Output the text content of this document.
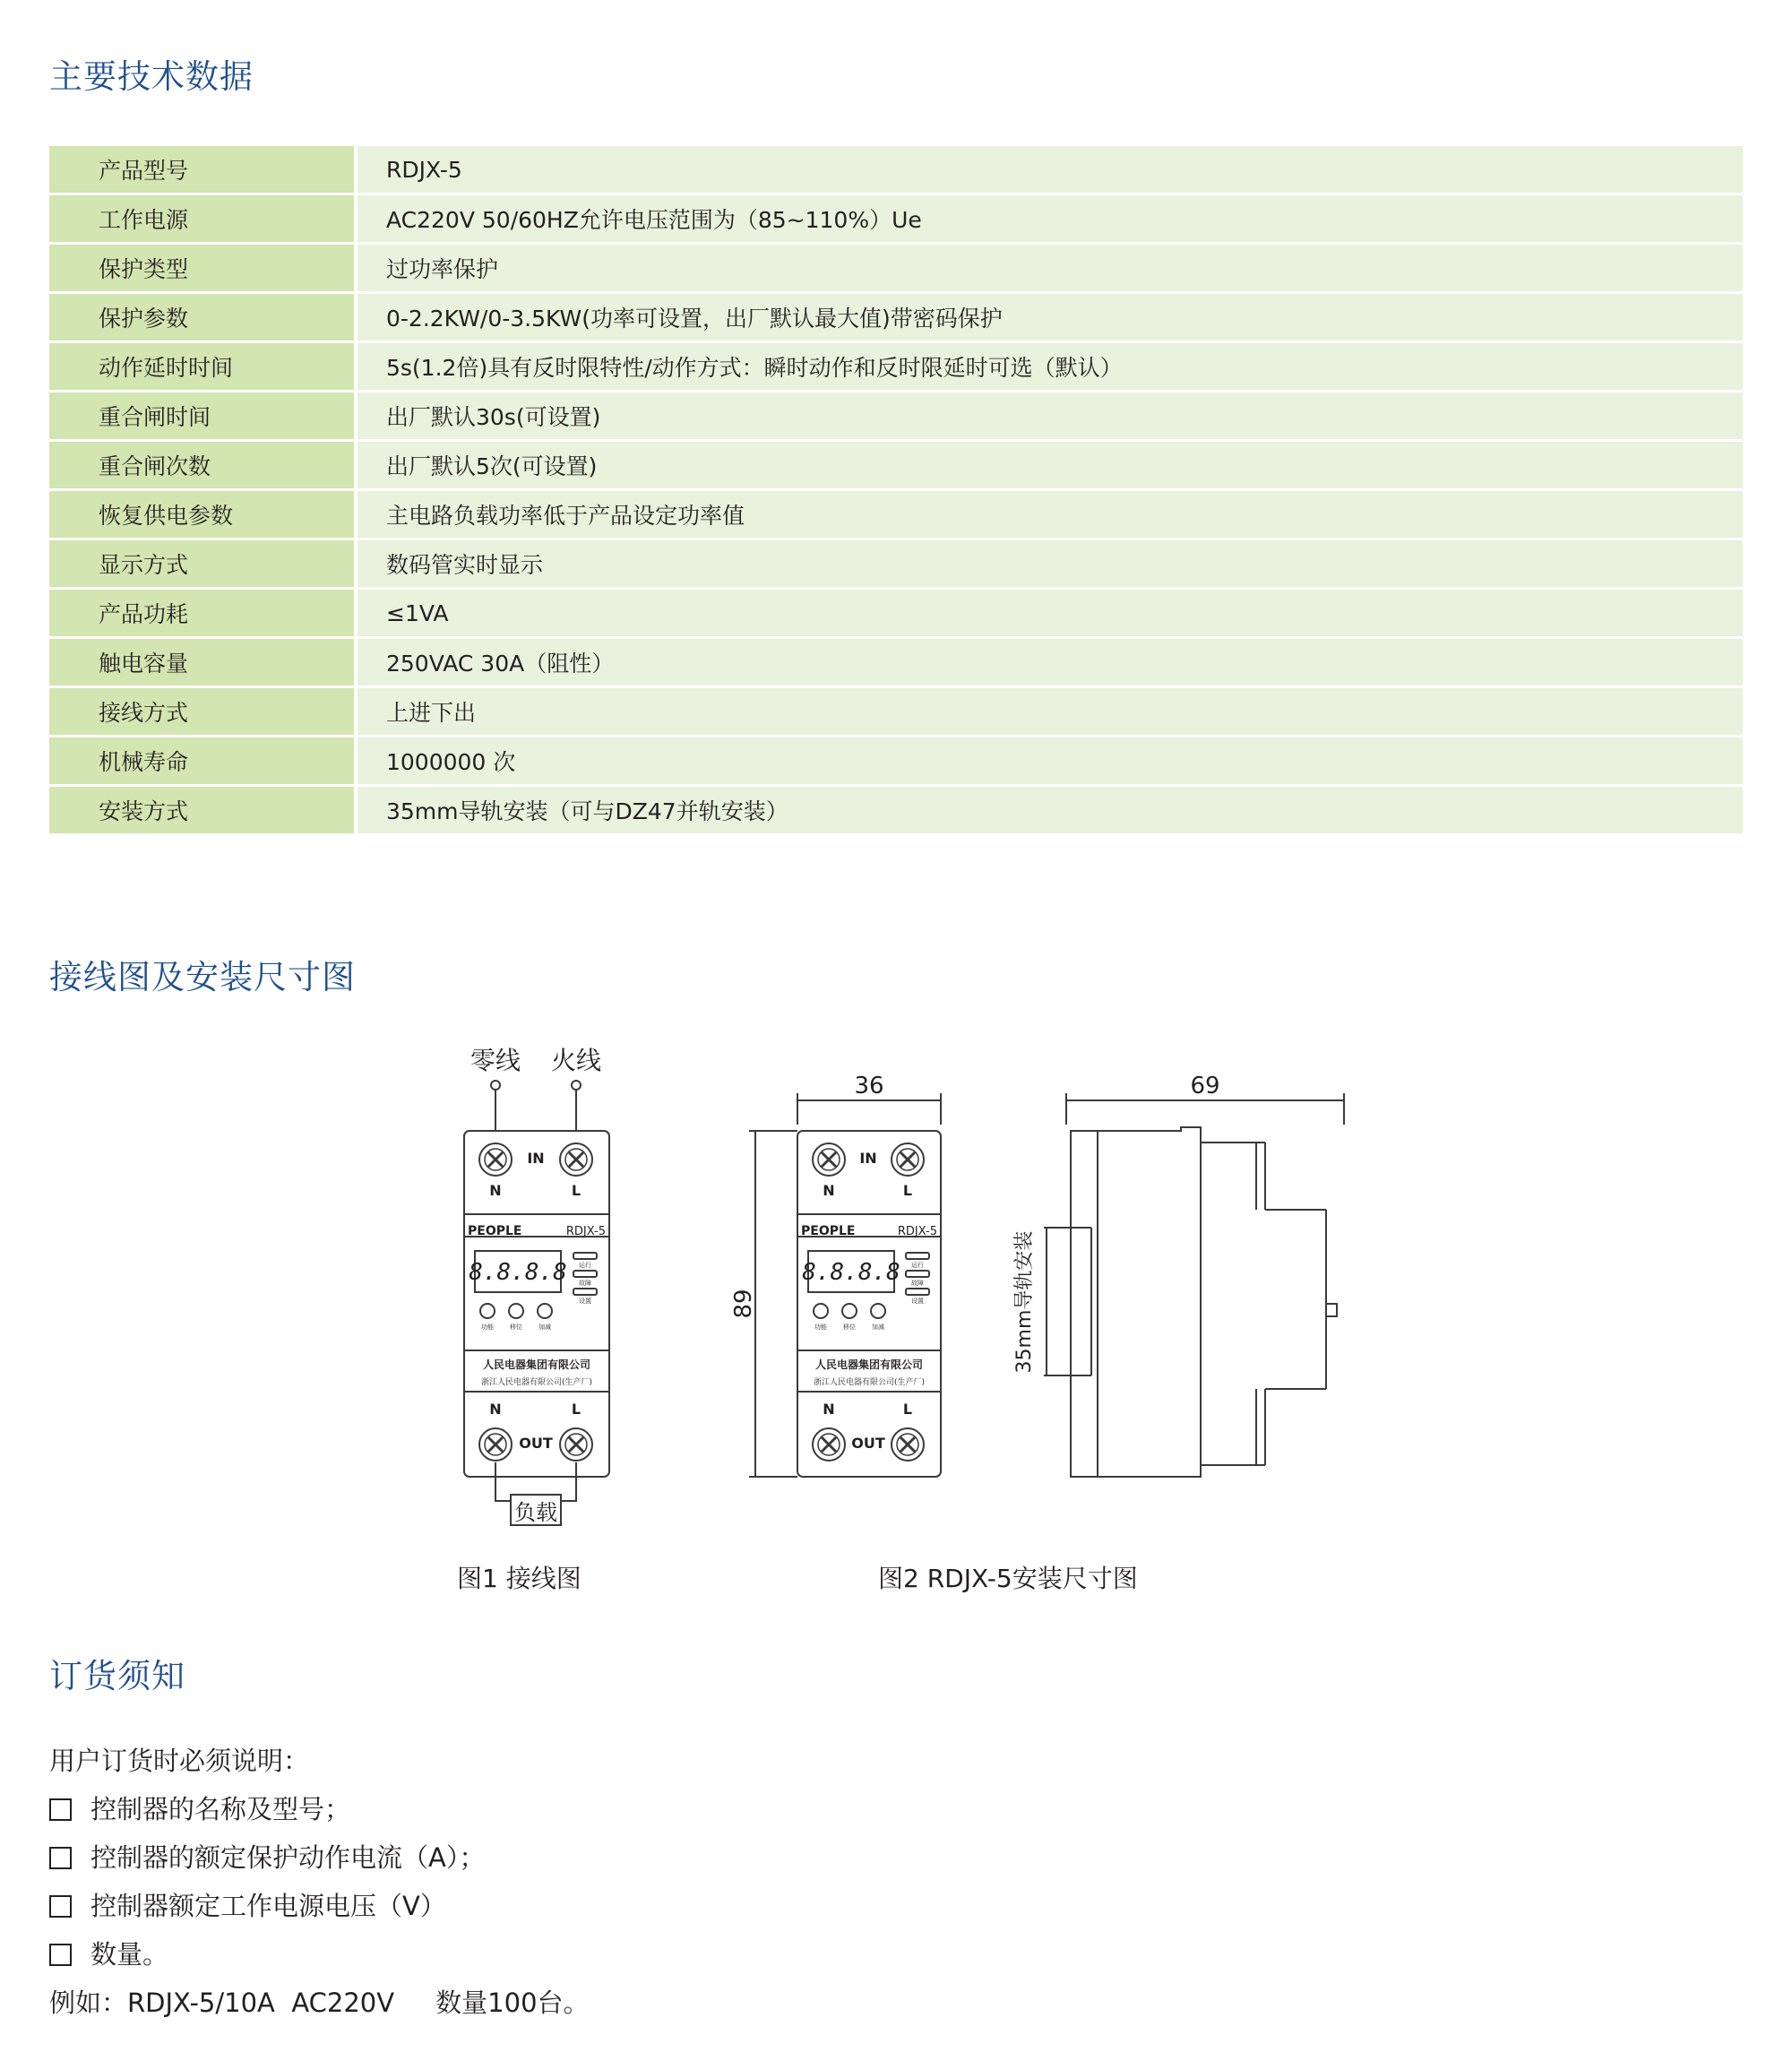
主要技术数据
产品型号	RDJX-5
工作电源	AC220V 50/60HZ允许电压范围为（85~110%）Ue
保护类型	过功率保护
保护参数	0-2.2KW/0-3.5KW(功率可设置，出厂默认最大值)带密码保护
动作延时时间	5s(1.2倍)具有反时限特性/动作方式：瞬时动作和反时限延时可选（默认）
重合闸时间	出厂默认30s(可设置)
重合闸次数	出厂默认5次(可设置)
恢复供电参数	主电路负载功率低于产品设定功率值
显示方式	数码管实时显示
产品功耗	≤1VA
触电容量	250VAC 30A（阻性）
接线方式	上进下出
机械寿命	1000000 次
安装方式	35mm导轨安装（可与DZ47并轨安装）
接线图及安装尺寸图
零线 火线
IN
N	L
PEOPLE	RDJX-5
8.8.8.8 运行
故障
设置
功能	移位	加减
人民电器集团有限公司
浙江人民电器有限公司(生产厂)
N	L
OUT
负载
36
89
IN
N	L
PEOPLE	RDJX-5
8.8.8.8 运行
故障
设置
功能	移位	加减
人民电器集团有限公司
浙江人民电器有限公司(生产厂)
N	L
OUT
69
35mm导轨安装

图1 接线图	图2 RDJX-5安装尺寸图

订货须知
用户订货时必须说明：
控制器的名称及型号；
控制器的额定保护动作电流（A）；
控制器额定工作电源电压（V）
数量。
例如：RDJX-5/10A  AC220V     数量100台。
